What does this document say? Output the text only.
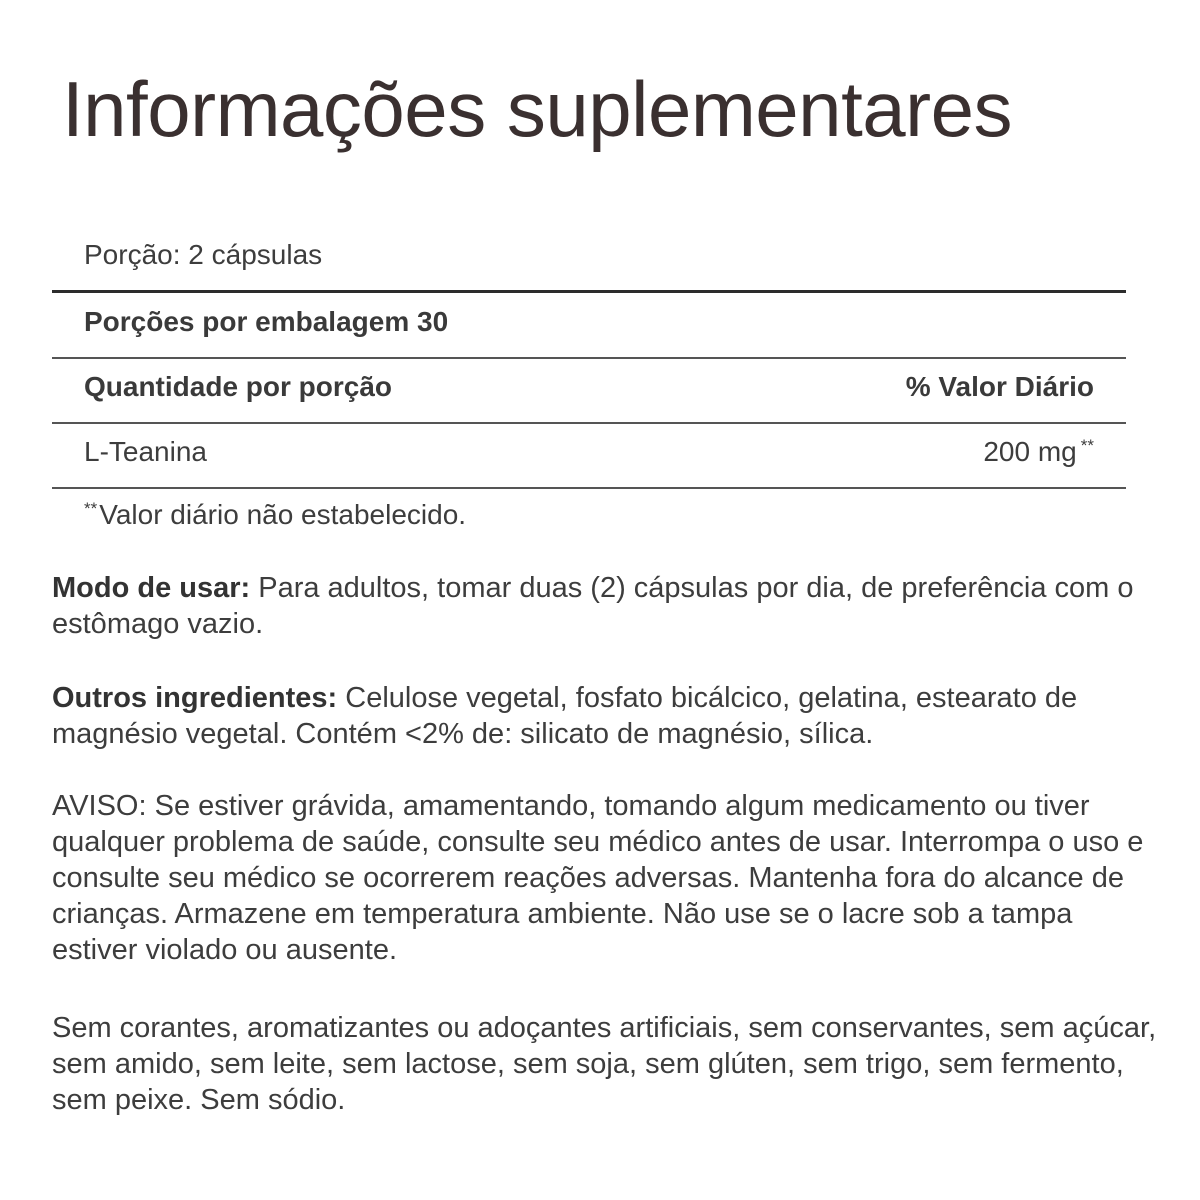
Informações suplementares
Porção: 2 cápsulas
Porções por embalagem 30
Quantidade por porção	% Valor Diário
L-Teanina	200 mg **
**Valor diário não estabelecido.
Modo de usar: Para adultos, tomar duas (2) cápsulas por dia, de preferência com o estômago vazio.
Outros ingredientes: Celulose vegetal, fosfato bicálcico, gelatina, estearato de magnésio vegetal. Contém <2% de: silicato de magnésio, sílica.
AVISO: Se estiver grávida, amamentando, tomando algum medicamento ou tiver qualquer problema de saúde, consulte seu médico antes de usar. Interrompa o uso e consulte seu médico se ocorrerem reações adversas. Mantenha fora do alcance de crianças. Armazene em temperatura ambiente. Não use se o lacre sob a tampa estiver violado ou ausente.
Sem corantes, aromatizantes ou adoçantes artificiais, sem conservantes, sem açúcar, sem amido, sem leite, sem lactose, sem soja, sem glúten, sem trigo, sem fermento, sem peixe. Sem sódio.
